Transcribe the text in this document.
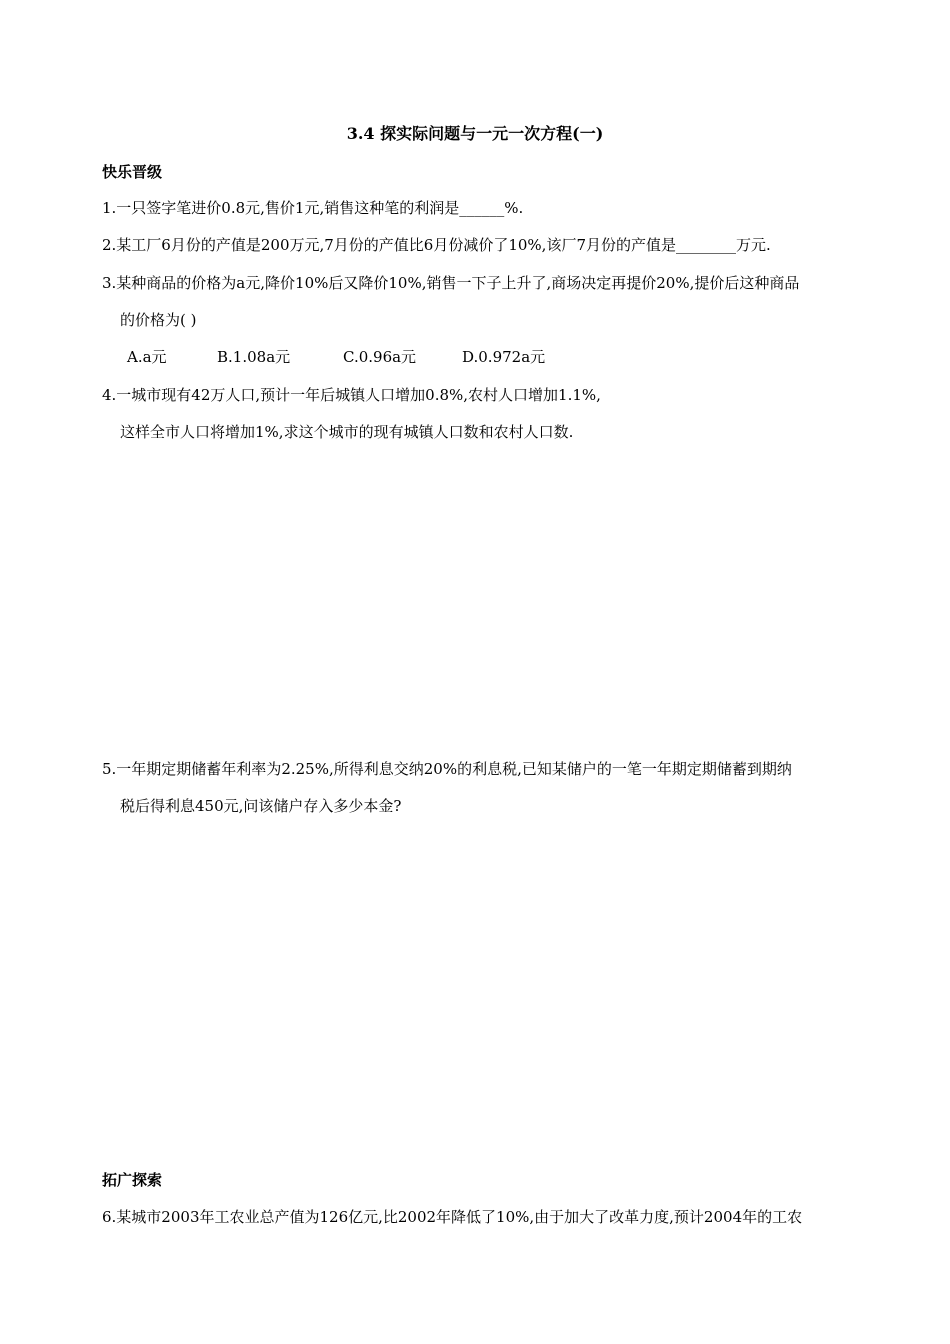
3.4 探实际问题与一元一次方程(一)
快乐晋级
1.一只签字笔进价0.8元,售价1元,销售这种笔的利润是______%.
2.某工厂6月份的产值是200万元,7月份的产值比6月份减价了10%,该厂7月份的产值是________万元.
3.某种商品的价格为a元,降价10%后又降价10%,销售一下子上升了,商场决定再提价20%,提价后这种商品
的价格为( )
A.a元	B.1.08a元	C.0.96a元	D.0.972a元
4.一城市现有42万人口,预计一年后城镇人口增加0.8%,农村人口增加1.1%,
这样全市人口将增加1%,求这个城市的现有城镇人口数和农村人口数.
5.一年期定期储蓄年利率为2.25%,所得利息交纳20%的利息税,已知某储户的一笔一年期定期储蓄到期纳
税后得利息450元,问该储户存入多少本金?
拓广探索
6.某城市2003年工农业总产值为126亿元,比2002年降低了10%,由于加大了改革力度,预计2004年的工农
